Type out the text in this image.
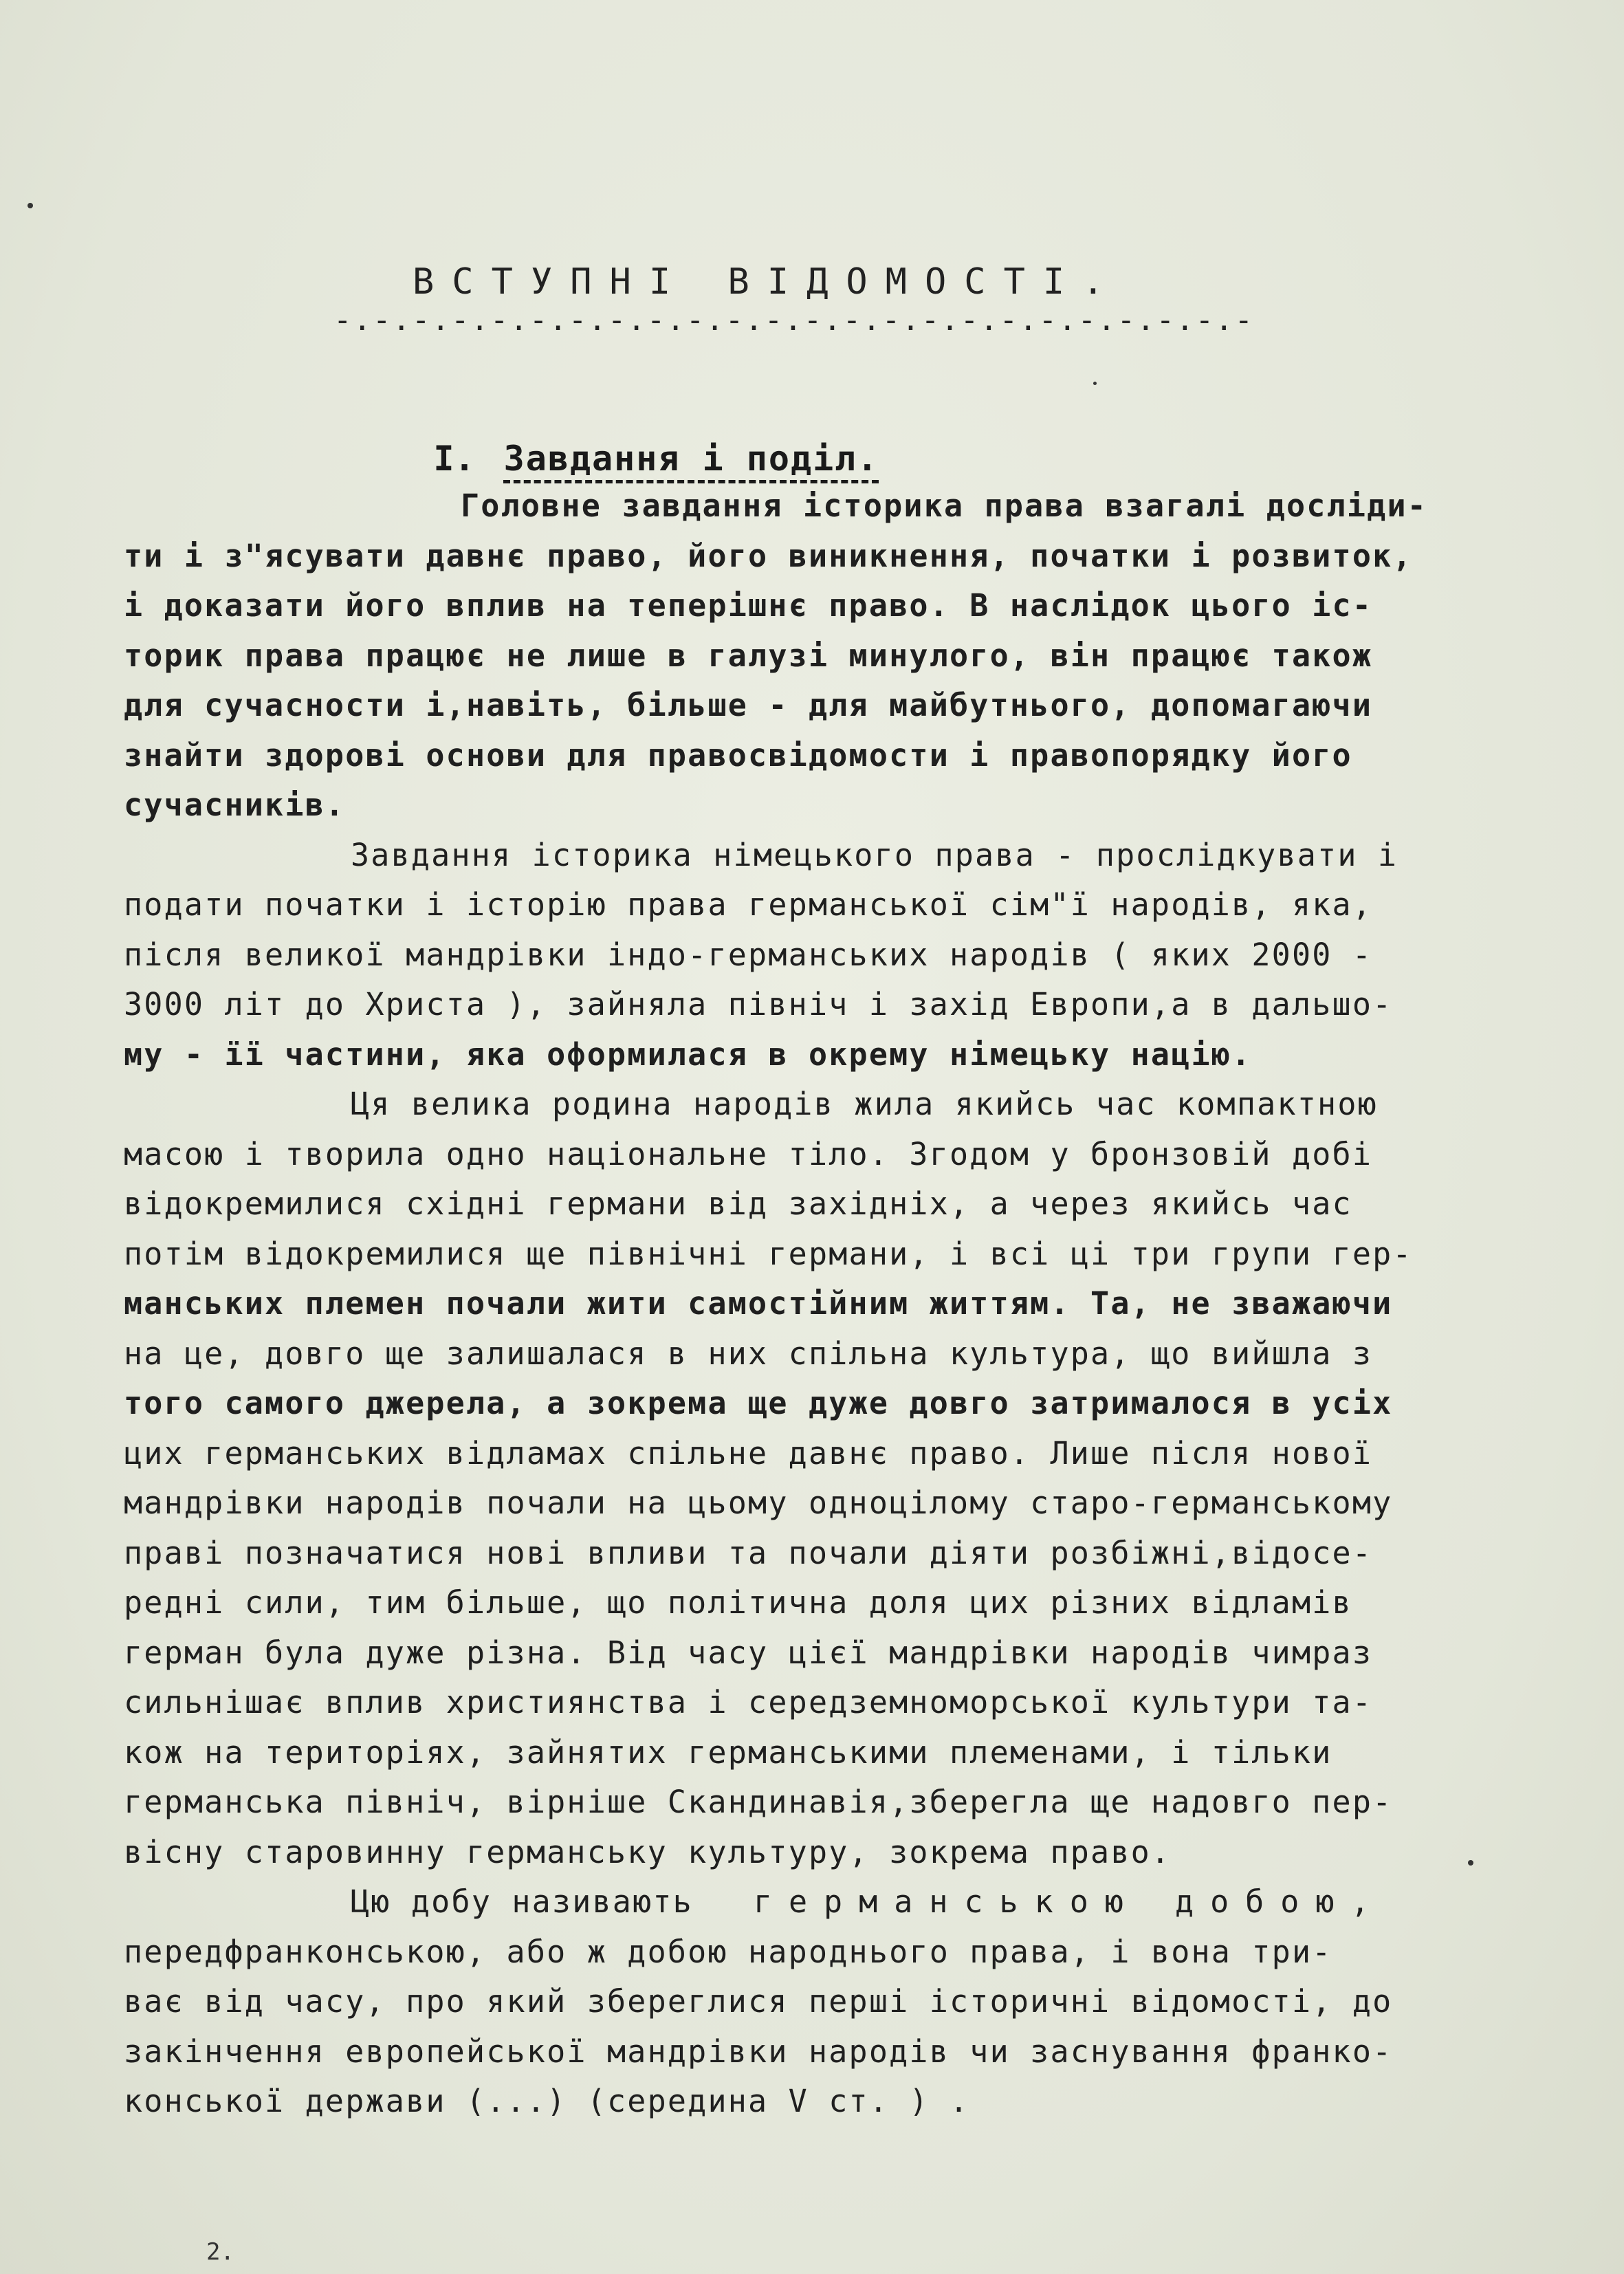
ВСТУПНІ ВІДОМОСТІ.
-.-.-.-.-.-.-.-.-.-.-.-.-.-.-.-.-.-.-.-.-.-.-.-

I. Завдання і поділ.

Головне завдання історика права взагалі досліди-
ти і з"ясувати давнє право, його виникнення, початки і розвиток,
і доказати його вплив на теперішнє право. В наслідок цього іс-
торик права працює не лише в галузі минулого, він працює також
для сучасности і,навіть, більше - для майбутнього, допомагаючи
знайти здорові основи для правосвідомости і правопорядку його
сучасників.
Завдання історика німецького права - прослідкувати і
подати початки і історію права германської сім"ї народів, яка,
після великої мандрівки індо-германських народів ( яких 2000 -
3000 літ до Христа ), зайняла північ і захід Европи,а в дальшо-
му - її частини, яка оформилася в окрему німецьку націю.
Ця велика родина народів жила якийсь час компактною
масою і творила одно національне тіло. Згодом у бронзовій добі
відокремилися східні германи від західніх, а через якийсь час
потім відокремилися ще північні германи, і всі ці три групи гер-
манських племен почали жити самостійним життям. Та, не зважаючи
на це, довго ще залишалася в них спільна культура, що вийшла з
того самого джерела, а зокрема ще дуже довго затрималося в усіх
цих германських відламах спільне давнє право. Лише після нової
мандрівки народів почали на цьому одноцілому старо-германському
праві позначатися нові впливи та почали діяти розбіжні,відосе-
редні сили, тим більше, що політична доля цих різних відламів
герман була дуже різна. Від часу цієї мандрівки народів чимраз
сильнішає вплив християнства і середземноморської культури та-
кож на територіях, зайнятих германськими племенами, і тільки
германська північ, вірніше Скандинавія,зберегла ще надовго пер-
вісну старовинну германську культуру, зокрема право.
Цю добу називають германською добою,
передфранконською, або ж добою народнього права, і вона три-
ває від часу, про який збереглися перші історичні відомості, до
закінчення европейської мандрівки народів чи заснування франко-
конської держави (...) (середина V ст. ) .
2.
